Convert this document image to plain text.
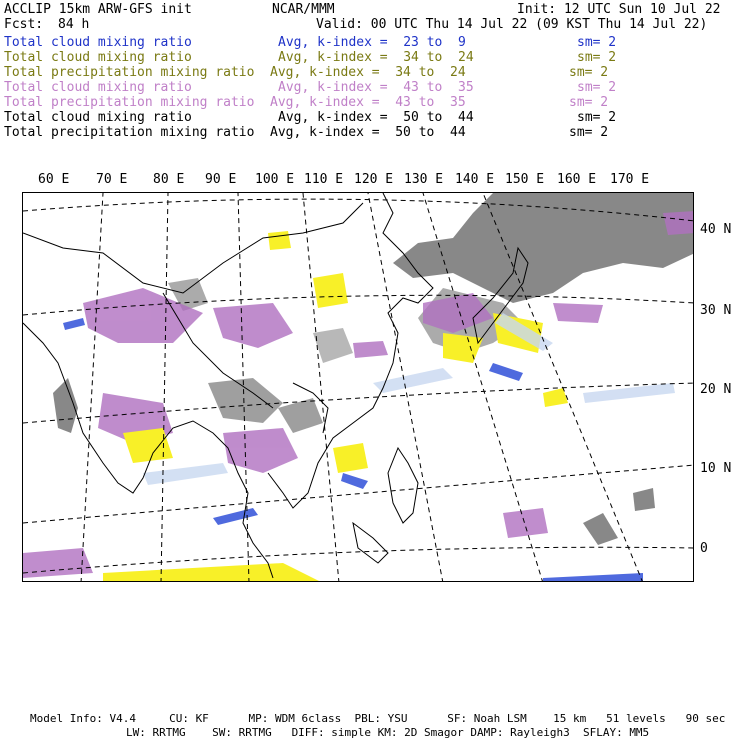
ACCLIP 15km ARW-GFS init	NCAR/MMM	Init: 12 UTC Sun 10 Jul 22
Fcst: 84 h	Valid: 00 UTC Thu 14 Jul 22 (09 KST Thu 14 Jul 22)
Total cloud mixing ratio	Avg, k-index =  23 to  9	sm= 2
Total cloud mixing ratio	Avg, k-index =  34 to  24	sm= 2
Total precipitation mixing ratio Avg, k-index =  34 to  24	sm= 2
Total cloud mixing ratio	Avg, k-index =  43 to  35	sm= 2
Total precipitation mixing ratio Avg, k-index =  43 to  35	sm= 2
Total cloud mixing ratio	Avg, k-index =  50 to  44	sm= 2
Total precipitation mixing ratio Avg, k-index =  50 to  44	sm= 2
60 E 70 E 80 E 90 E 100 E 110 E 120 E 130 E 140 E 150 E 160 E 170 E
40 N
30 N
20 N
10 N
0
Model Info: V4.4     CU: KF      MP: WDM 6class  PBL: YSU      SF: Noah LSM    15 km   51 levels   90 sec
LW: RRTMG    SW: RRTMG   DIFF: simple KM: 2D Smagor DAMP: Rayleigh3  SFLAY: MM5
